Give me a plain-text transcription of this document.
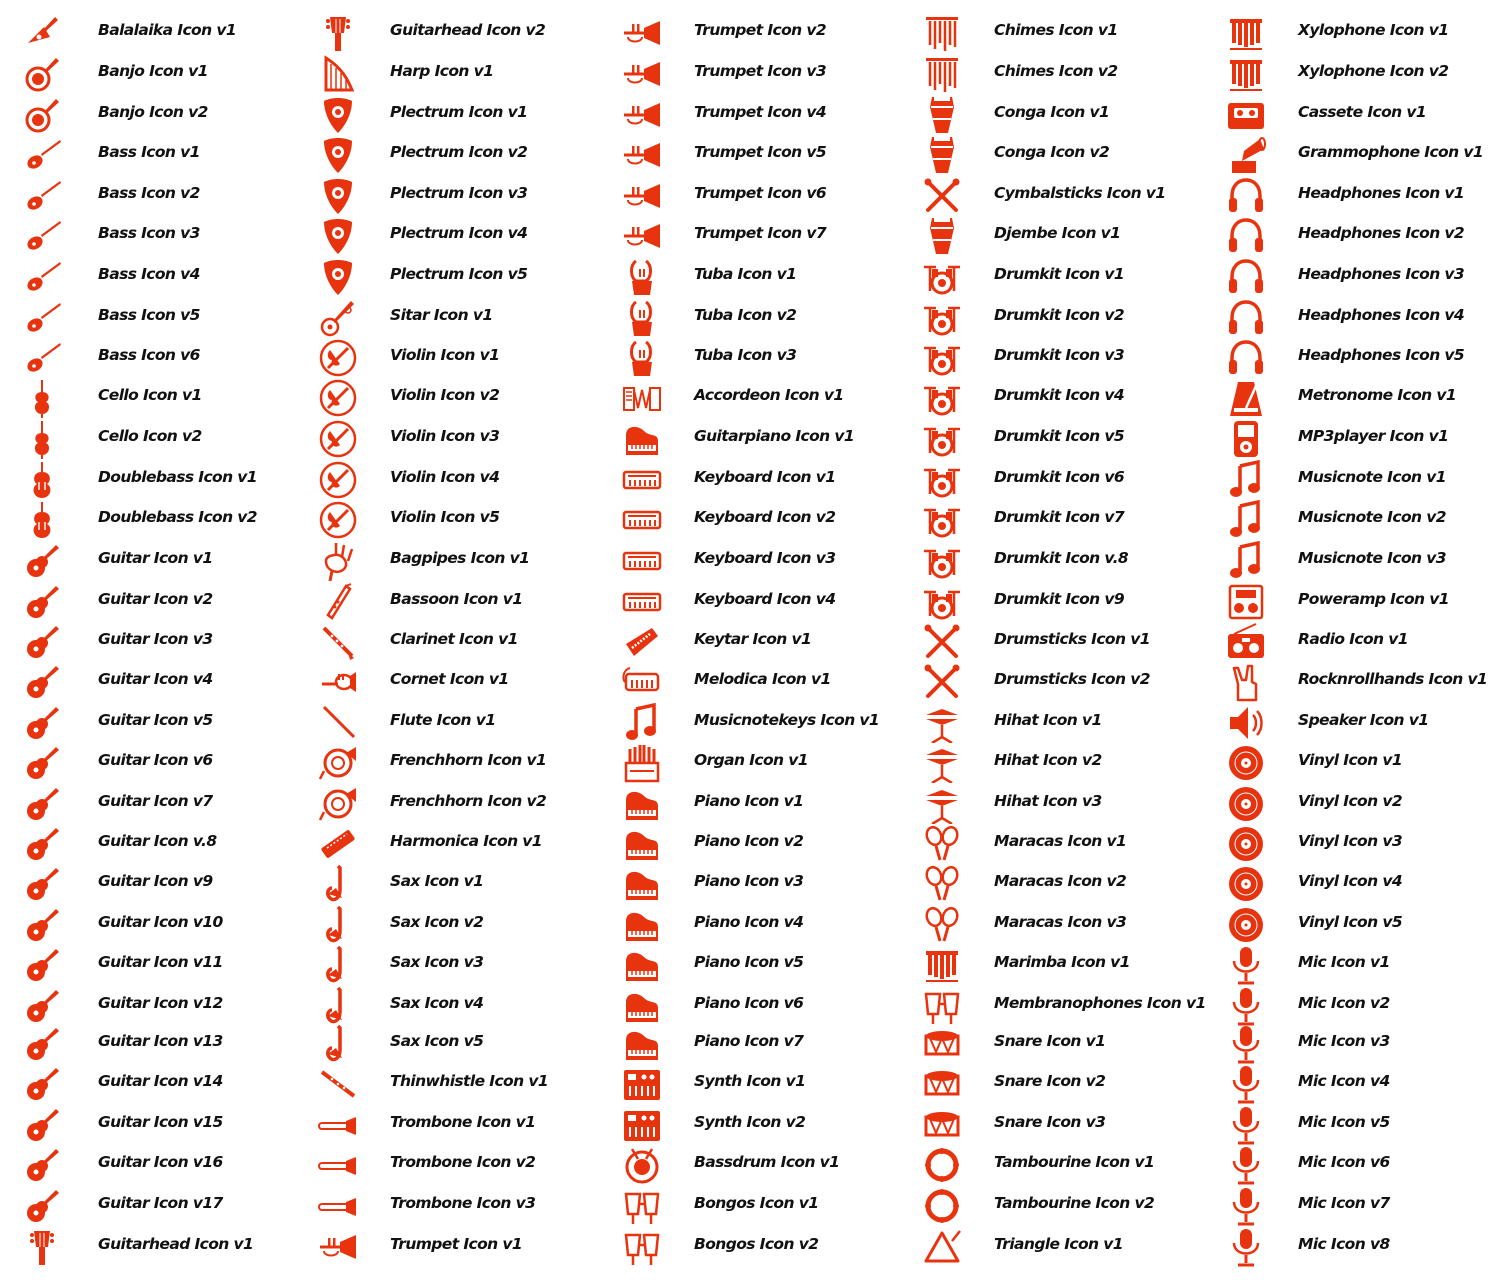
Balalaika Icon v1
Banjo Icon v1
Banjo Icon v2
Bass Icon v1
Bass Icon v2
Bass Icon v3
Bass Icon v4
Bass Icon v5
Bass Icon v6
Cello Icon v1
Cello Icon v2
Doublebass Icon v1
Doublebass Icon v2
Guitar Icon v1
Guitar Icon v2
Guitar Icon v3
Guitar Icon v4
Guitar Icon v5
Guitar Icon v6
Guitar Icon v7
Guitar Icon v.8
Guitar Icon v9
Guitar Icon v10
Guitar Icon v11
Guitar Icon v12
Guitar Icon v13
Guitar Icon v14
Guitar Icon v15
Guitar Icon v16
Guitar Icon v17
Guitarhead Icon v1
Guitarhead Icon v2
Harp Icon v1
Plectrum Icon v1
Plectrum Icon v2
Plectrum Icon v3
Plectrum Icon v4
Plectrum Icon v5
Sitar Icon v1
Violin Icon v1
Violin Icon v2
Violin Icon v3
Violin Icon v4
Violin Icon v5
Bagpipes Icon v1
Bassoon Icon v1
Clarinet Icon v1
Cornet Icon v1
Flute Icon v1
Frenchhorn Icon v1
Frenchhorn Icon v2
Harmonica Icon v1
Sax Icon v1
Sax Icon v2
Sax Icon v3
Sax Icon v4
Sax Icon v5
Thinwhistle Icon v1
Trombone Icon v1
Trombone Icon v2
Trombone Icon v3
Trumpet Icon v1
Trumpet Icon v2
Trumpet Icon v3
Trumpet Icon v4
Trumpet Icon v5
Trumpet Icon v6
Trumpet Icon v7
Tuba Icon v1
Tuba Icon v2
Tuba Icon v3
Accordeon Icon v1
Guitarpiano Icon v1
Keyboard Icon v1
Keyboard Icon v2
Keyboard Icon v3
Keyboard Icon v4
Keytar Icon v1
Melodica Icon v1
Musicnotekeys Icon v1
Organ Icon v1
Piano Icon v1
Piano Icon v2
Piano Icon v3
Piano Icon v4
Piano Icon v5
Piano Icon v6
Piano Icon v7
Synth Icon v1
Synth Icon v2
Bassdrum Icon v1
Bongos Icon v1
Bongos Icon v2
Chimes Icon v1
Chimes Icon v2
Conga Icon v1
Conga Icon v2
Cymbalsticks Icon v1
Djembe Icon v1
Drumkit Icon v1
Drumkit Icon v2
Drumkit Icon v3
Drumkit Icon v4
Drumkit Icon v5
Drumkit Icon v6
Drumkit Icon v7
Drumkit Icon v.8
Drumkit Icon v9
Drumsticks Icon v1
Drumsticks Icon v2
Hihat Icon v1
Hihat Icon v2
Hihat Icon v3
Maracas Icon v1
Maracas Icon v2
Maracas Icon v3
Marimba Icon v1
Membranophones Icon v1
Snare Icon v1
Snare Icon v2
Snare Icon v3
Tambourine Icon v1
Tambourine Icon v2
Triangle Icon v1
Xylophone Icon v1
Xylophone Icon v2
Cassete Icon v1
Grammophone Icon v1
Headphones Icon v1
Headphones Icon v2
Headphones Icon v3
Headphones Icon v4
Headphones Icon v5
Metronome Icon v1
MP3player Icon v1
Musicnote Icon v1
Musicnote Icon v2
Musicnote Icon v3
Poweramp Icon v1
Radio Icon v1
Rocknrollhands Icon v1
Speaker Icon v1
Vinyl Icon v1
Vinyl Icon v2
Vinyl Icon v3
Vinyl Icon v4
Vinyl Icon v5
Mic Icon v1
Mic Icon v2
Mic Icon v3
Mic Icon v4
Mic Icon v5
Mic Icon v6
Mic Icon v7
Mic Icon v8
